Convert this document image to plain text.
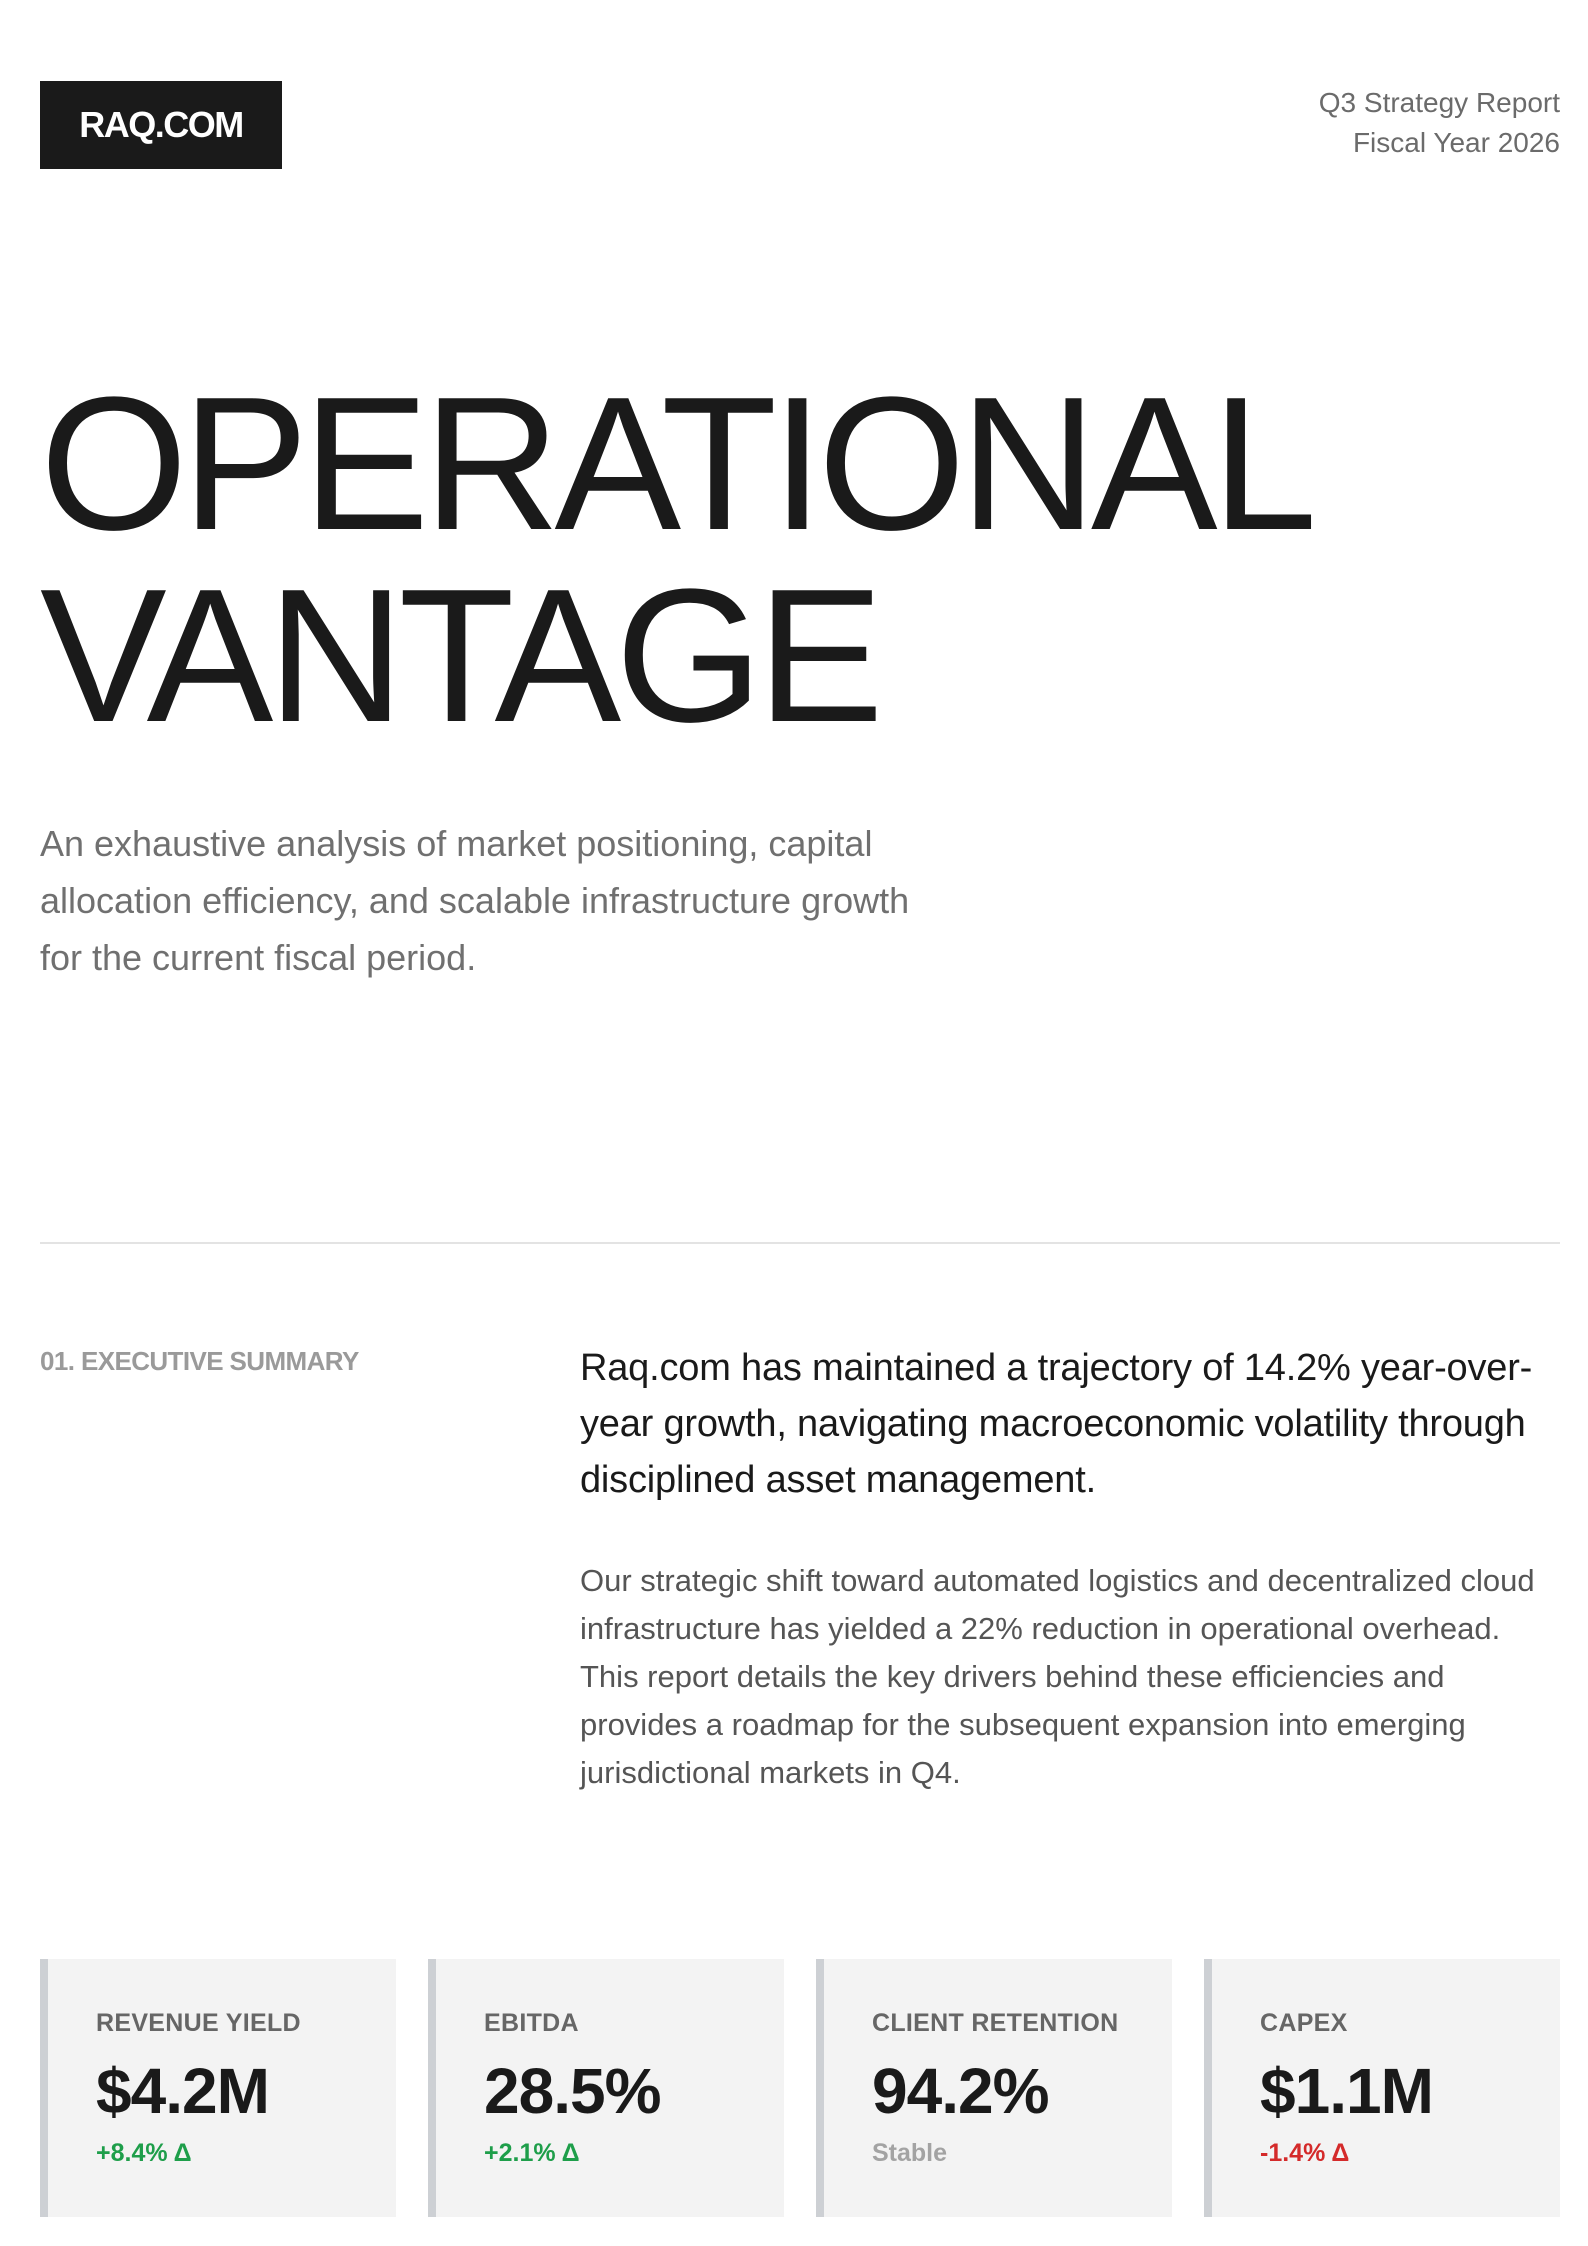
RAQ.COM
Q3 Strategy Report
Fiscal Year 2026
OPERATIONAL
VANTAGE

An exhaustive analysis of market positioning, capital allocation efficiency, and scalable infrastructure growth for the current fiscal period.

01. EXECUTIVE SUMMARY	Raq.com has maintained a trajectory of 14.2% year-over-year growth, navigating macroeconomic volatility through disciplined asset management.

Our strategic shift toward automated logistics and decentralized cloud infrastructure has yielded a 22% reduction in operational overhead. This report details the key drivers behind these efficiencies and provides a roadmap for the subsequent expansion into emerging jurisdictional markets in Q4.

REVENUE YIELD
$4.2M
+8.4% Δ
EBITDA
28.5%
+2.1% Δ
CLIENT RETENTION
94.2%
Stable
CAPEX
$1.1M
-1.4% Δ
